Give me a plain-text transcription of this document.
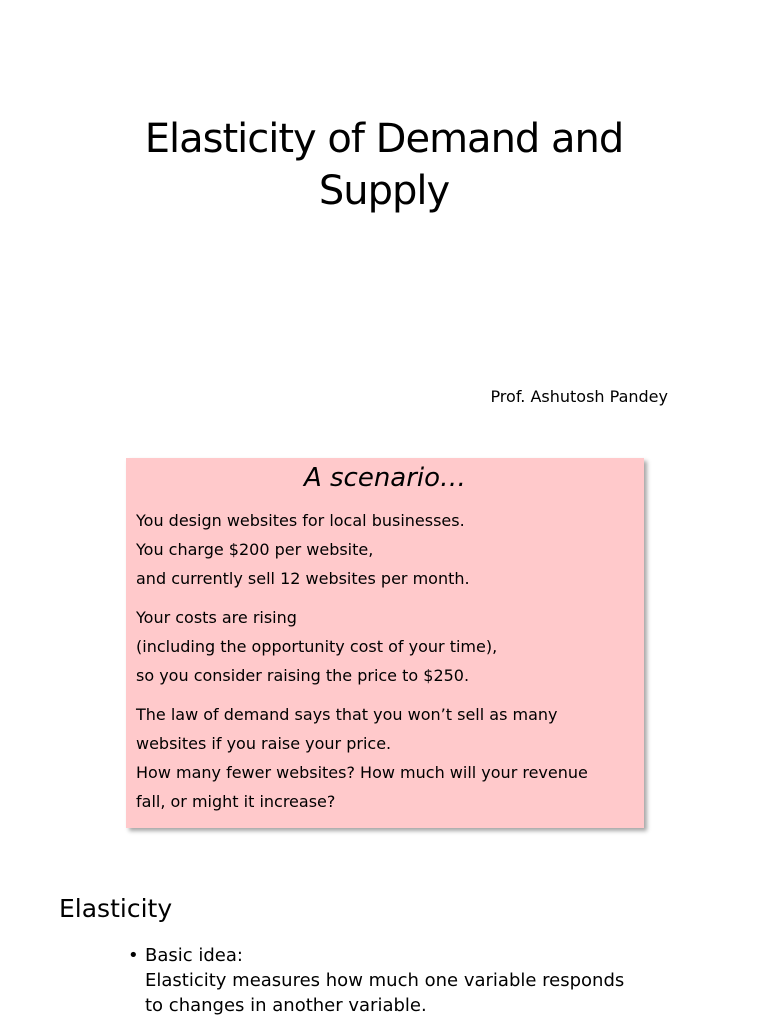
Elasticity of Demand and
Supply
Prof. Ashutosh Pandey
A scenario…

You design websites for local businesses.
You charge $200 per website,
and currently sell 12 websites per month.

Your costs are rising
(including the opportunity cost of your time),
so you consider raising the price to $250.

The law of demand says that you won’t sell as many
websites if you raise your price.
How many fewer websites? How much will your revenue
fall, or might it increase?

Elasticity
• Basic idea:
Elasticity measures how much one variable responds
to changes in another variable.
